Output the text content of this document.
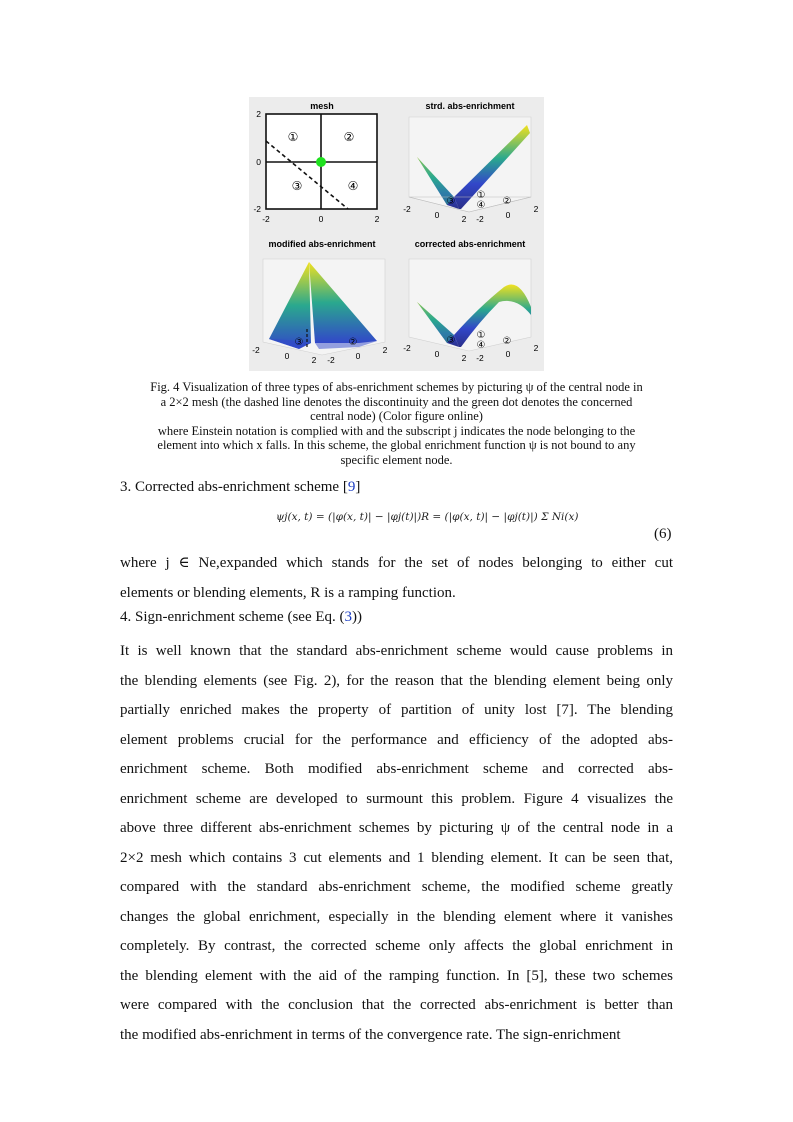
mesh
①	②
③	④
2
0
-2
-2	0	2
strd. abs-enrichment
③
①
④ ②
-2
0	2 -2	0
2
modified abs-enrichment
③	②
-2
0	2 -2 0
2
corrected abs-enrichment
③ ①
④ ②
-2
0	2 -2	0
2
Fig. 4 Visualization of three types of abs-enrichment schemes by picturing ψ of the central node in
a 2×2 mesh (the dashed line denotes the discontinuity and the green dot denotes the concerned
central node) (Color figure online)
where Einstein notation is complied with and the subscript j indicates the node belonging to the
element into which x falls. In this scheme, the global enrichment function ψ is not bound to any
specific element node.
3. Corrected abs-enrichment scheme [9]
ψj(x, t) = (|φ(x, t)| − |φj(t)|)R = (|φ(x, t)| − |φj(t)|) Σ Ni(x)
(6)
where j ∈ Ne,expanded which stands for the set of nodes belonging to either cut
elements or blending elements, R is a ramping function.
4. Sign-enrichment scheme (see Eq. (3))
It is well known that the standard abs-enrichment scheme would cause problems in
the blending elements (see Fig. 2), for the reason that the blending element being only
partially enriched makes the property of partition of unity lost [7]. The blending
element problems crucial for the performance and efficiency of the adopted abs-
enrichment scheme. Both modified abs-enrichment scheme and corrected abs-
enrichment scheme are developed to surmount this problem. Figure 4 visualizes the
above three different abs-enrichment schemes by picturing ψ of the central node in a
2×2 mesh which contains 3 cut elements and 1 blending element. It can be seen that,
compared with the standard abs-enrichment scheme, the modified scheme greatly
changes the global enrichment, especially in the blending element where it vanishes
completely. By contrast, the corrected scheme only affects the global enrichment in
the blending element with the aid of the ramping function. In [5], these two schemes
were compared with the conclusion that the corrected abs-enrichment is better than
the modified abs-enrichment in terms of the convergence rate. The sign-enrichment
